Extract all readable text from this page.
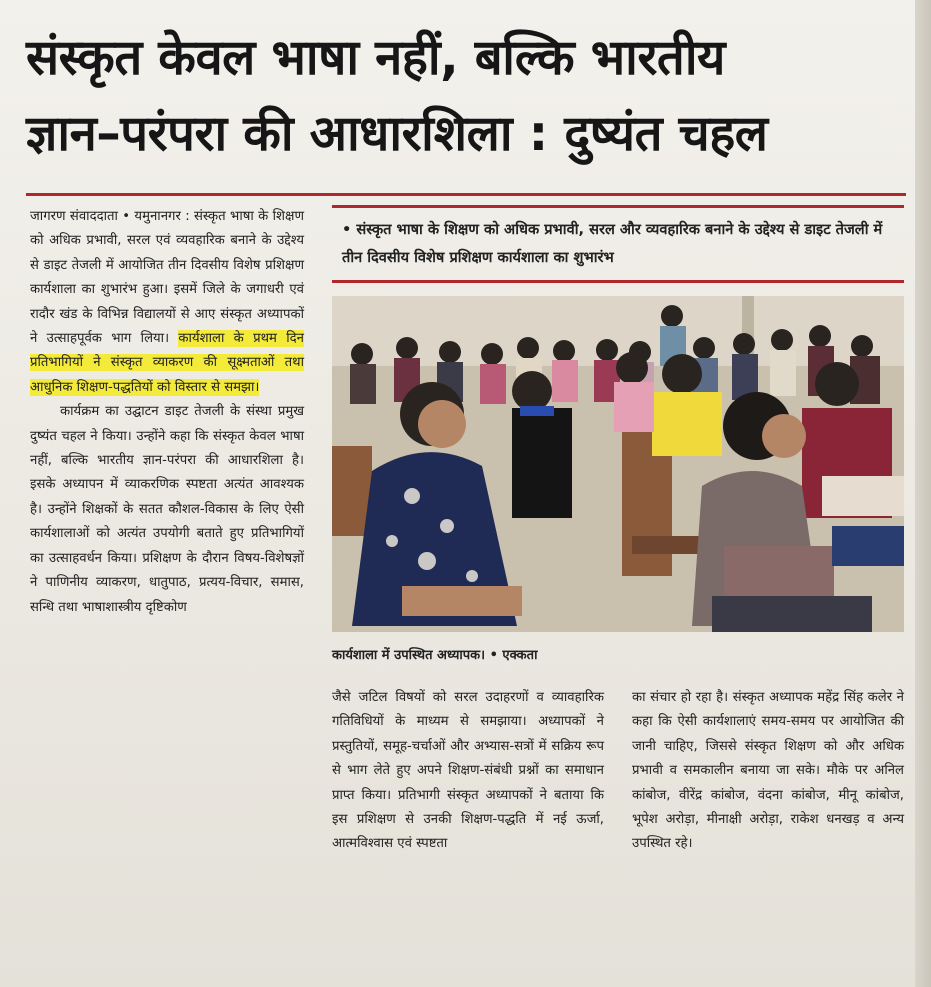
संस्कृत केवल भाषा नहीं, बल्कि भारतीय
ज्ञान–परंपरा की आधारशिला : दुष्यंत चहल

जागरण संवाददाता • यमुनानगर : संस्कृत भाषा के शिक्षण को अधिक प्रभावी, सरल एवं व्यवहारिक बनाने के उद्देश्य से डाइट तेजली में आयोजित तीन दिवसीय विशेष प्रशिक्षण कार्यशाला का शुभारंभ हुआ। इसमें जिले के जगाधरी एवं रादौर खंड के विभिन्न विद्यालयों से आए संस्कृत अध्यापकों ने उत्साहपूर्वक भाग लिया। कार्यशाला के प्रथम दिन प्रतिभागियों ने संस्कृत व्याकरण की सूक्ष्मताओं तथा आधुनिक शिक्षण-पद्धतियों को विस्तार से समझा।

कार्यक्रम का उद्घाटन डाइट तेजली के संस्था प्रमुख दुष्यंत चहल ने किया। उन्होंने कहा कि संस्कृत केवल भाषा नहीं, बल्कि भारतीय ज्ञान-परंपरा की आधारशिला है। इसके अध्यापन में व्याकरणिक स्पष्टता अत्यंत आवश्यक है। उन्होंने शिक्षकों के सतत कौशल-विकास के लिए ऐसी कार्यशालाओं को अत्यंत उपयोगी बताते हुए प्रतिभागियों का उत्साहवर्धन किया। प्रशिक्षण के दौरान विषय-विशेषज्ञों ने पाणिनीय व्याकरण, धातुपाठ, प्रत्यय-विचार, समास, सन्धि तथा भाषाशास्त्रीय दृष्टिकोण

• संस्कृत भाषा के शिक्षण को अधिक प्रभावी, सरल और व्यवहारिक बनाने के उद्देश्य से डाइट तेजली में तीन दिवसीय विशेष प्रशिक्षण कार्यशाला का शुभारंभ
कार्यशाला में उपस्थित अध्यापक। • एक्कता

जैसे जटिल विषयों को सरल उदाहरणों व व्यावहारिक गतिविधियों के माध्यम से समझाया। अध्यापकों ने प्रस्तुतियों, समूह-चर्चाओं और अभ्यास-सत्रों में सक्रिय रूप से भाग लेते हुए अपने शिक्षण-संबंधी प्रश्नों का समाधान प्राप्त किया। प्रतिभागी संस्कृत अध्यापकों ने बताया कि इस प्रशिक्षण से उनकी शिक्षण-पद्धति में नई ऊर्जा, आत्मविश्वास एवं स्पष्टता

का संचार हो रहा है। संस्कृत अध्यापक महेंद्र सिंह कलेर ने कहा कि ऐसी कार्यशालाएं समय-समय पर आयोजित की जानी चाहिए, जिससे संस्कृत शिक्षण को और अधिक प्रभावी व समकालीन बनाया जा सके। मौके पर अनिल कांबोज, वीरेंद्र कांबोज, वंदना कांबोज, मीनू कांबोज, भूपेश अरोड़ा, मीनाक्षी अरोड़ा, राकेश धनखड़ व अन्य उपस्थित रहे।
